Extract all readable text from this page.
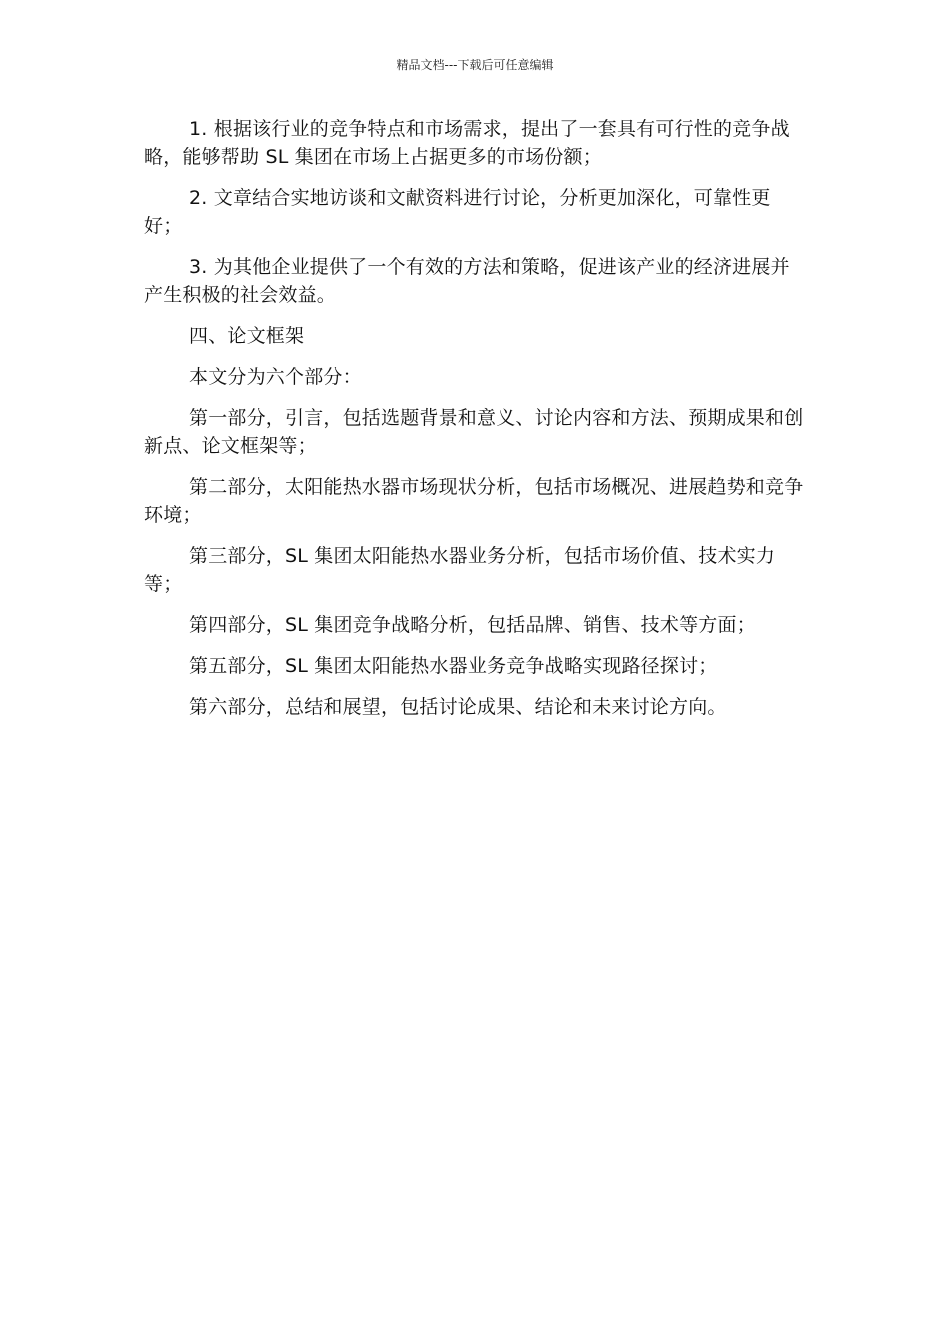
精品文档---下载后可任意编辑

1. 根据该行业的竞争特点和市场需求，提出了一套具有可行性的竞争战略，能够帮助 SL 集团在市场上占据更多的市场份额；

2. 文章结合实地访谈和文献资料进行讨论，分析更加深化，可靠性更好；

3. 为其他企业提供了一个有效的方法和策略，促进该产业的经济进展并产生积极的社会效益。

四、论文框架

本文分为六个部分：

第一部分，引言，包括选题背景和意义、讨论内容和方法、预期成果和创新点、论文框架等；

第二部分，太阳能热水器市场现状分析，包括市场概况、进展趋势和竞争环境；

第三部分，SL 集团太阳能热水器业务分析，包括市场价值、技术实力等；

第四部分，SL 集团竞争战略分析，包括品牌、销售、技术等方面；

第五部分，SL 集团太阳能热水器业务竞争战略实现路径探讨；

第六部分，总结和展望，包括讨论成果、结论和未来讨论方向。
